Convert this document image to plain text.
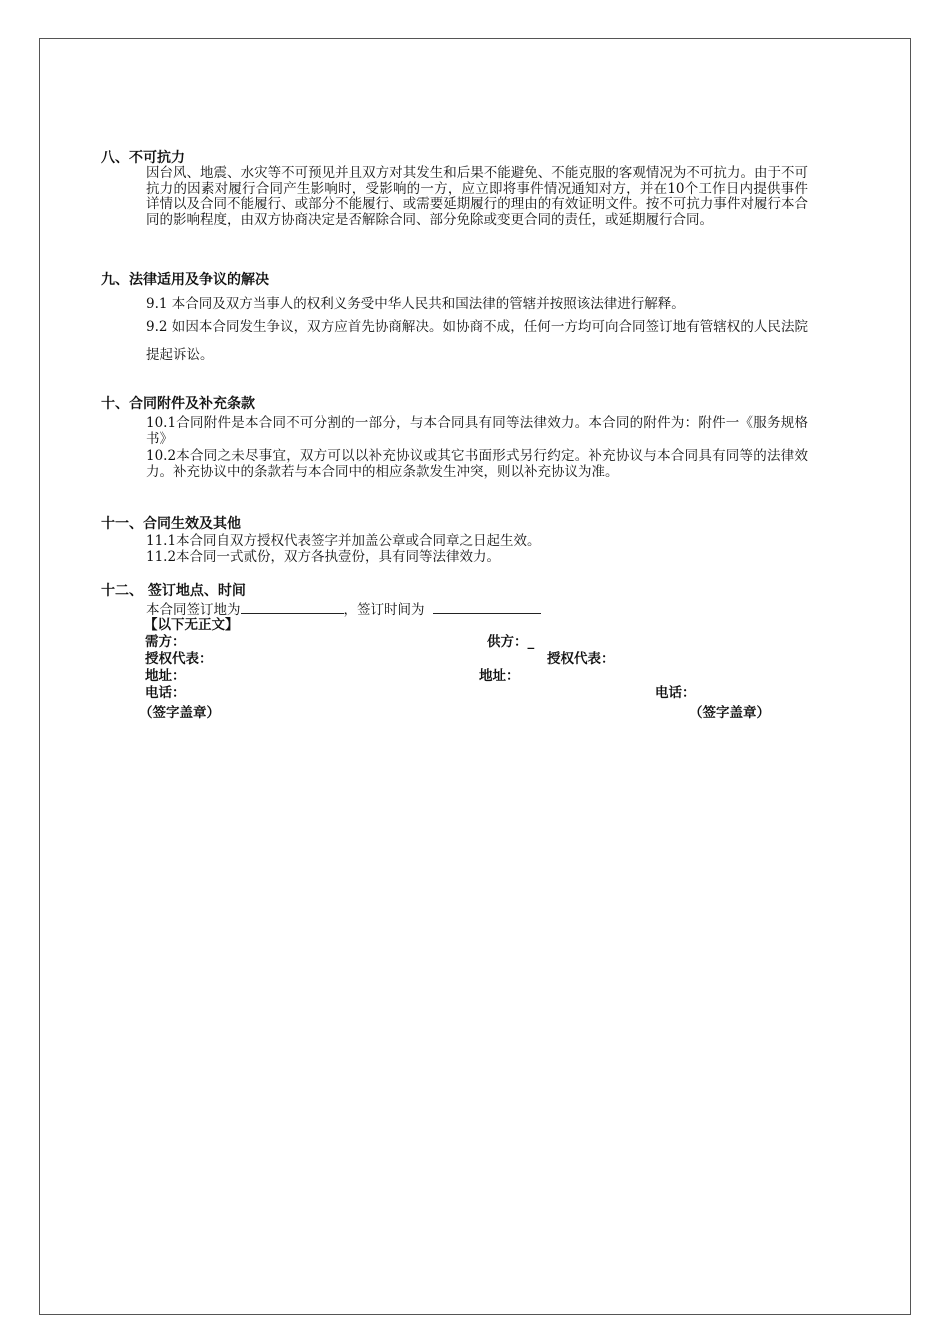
八、不可抗力
因台风、地震、水灾等不可预见并且双方对其发生和后果不能避免、不能克服的客观情况为不可抗力。由于不可抗力的因素对履行合同产生影响时，受影响的一方，应立即将事件情况通知对方，并在10个工作日内提供事件详情以及合同不能履行、或部分不能履行、或需要延期履行的理由的有效证明文件。按不可抗力事件对履行本合同的影响程度，由双方协商决定是否解除合同、部分免除或变更合同的责任，或延期履行合同。
九、法律适用及争议的解决
9.1 本合同及双方当事人的权利义务受中华人民共和国法律的管辖并按照该法律进行解释。
9.2 如因本合同发生争议，双方应首先协商解决。如协商不成，任何一方均可向合同签订地有管辖权的人民法院提起诉讼。
十、合同附件及补充条款
10.1合同附件是本合同不可分割的一部分，与本合同具有同等法律效力。本合同的附件为：附件一《服务规格书》
10.2本合同之未尽事宜，双方可以以补充协议或其它书面形式另行约定。补充协议与本合同具有同等的法律效力。补充协议中的条款若与本合同中的相应条款发生冲突，则以补充协议为准。
十一、合同生效及其他
11.1本合同自双方授权代表签字并加盖公章或合同章之日起生效。
11.2本合同一式贰份，双方各执壹份，具有同等法律效力。
十二、 签订地点、时间
本合同签订地为	，签订时间为
【以下无正文】
需方：	供方：_
授权代表：	授权代表：
地址：	地址：
电话：	电话：
（签字盖章）	（签字盖章）
